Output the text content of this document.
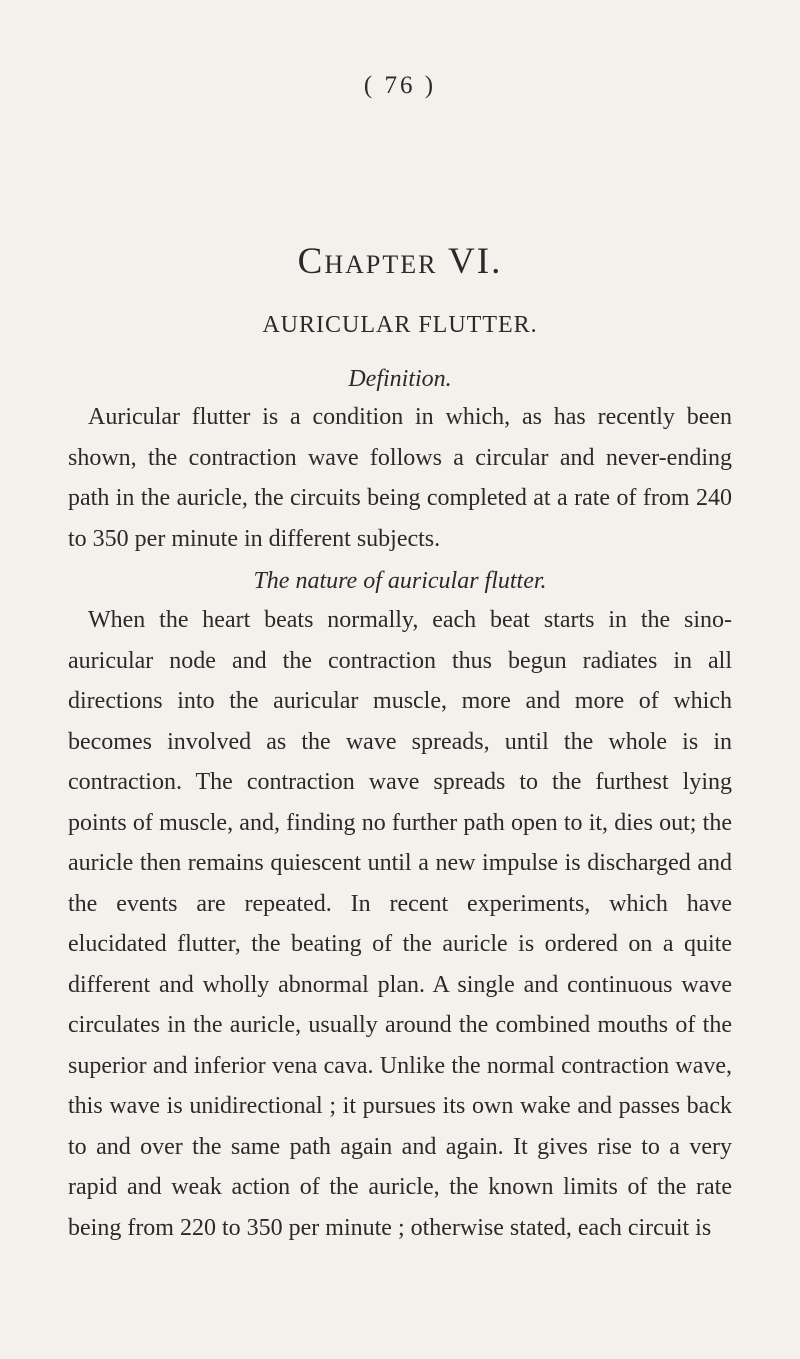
( 76 )
Chapter VI.
AURICULAR FLUTTER.
Definition.

Auricular flutter is a condition in which, as has recently been shown, the contraction wave follows a circular and never-ending path in the auricle, the circuits being completed at a rate of from 240 to 350 per minute in different subjects.

The nature of auricular flutter.

When the heart beats normally, each beat starts in the sino-auricular node and the contraction thus begun radiates in all directions into the auricular muscle, more and more of which becomes involved as the wave spreads, until the whole is in contraction. The contraction wave spreads to the furthest lying points of muscle, and, finding no further path open to it, dies out; the auricle then remains quiescent until a new impulse is discharged and the events are repeated. In recent experiments, which have elucidated flutter, the beating of the auricle is ordered on a quite different and wholly abnormal plan. A single and continuous wave circulates in the auricle, usually around the combined mouths of the superior and inferior vena cava. Unlike the normal contraction wave, this wave is unidirectional ; it pursues its own wake and passes back to and over the same path again and again. It gives rise to a very rapid and weak action of the auricle, the known limits of the rate being from 220 to 350 per minute ; otherwise stated, each circuit is
